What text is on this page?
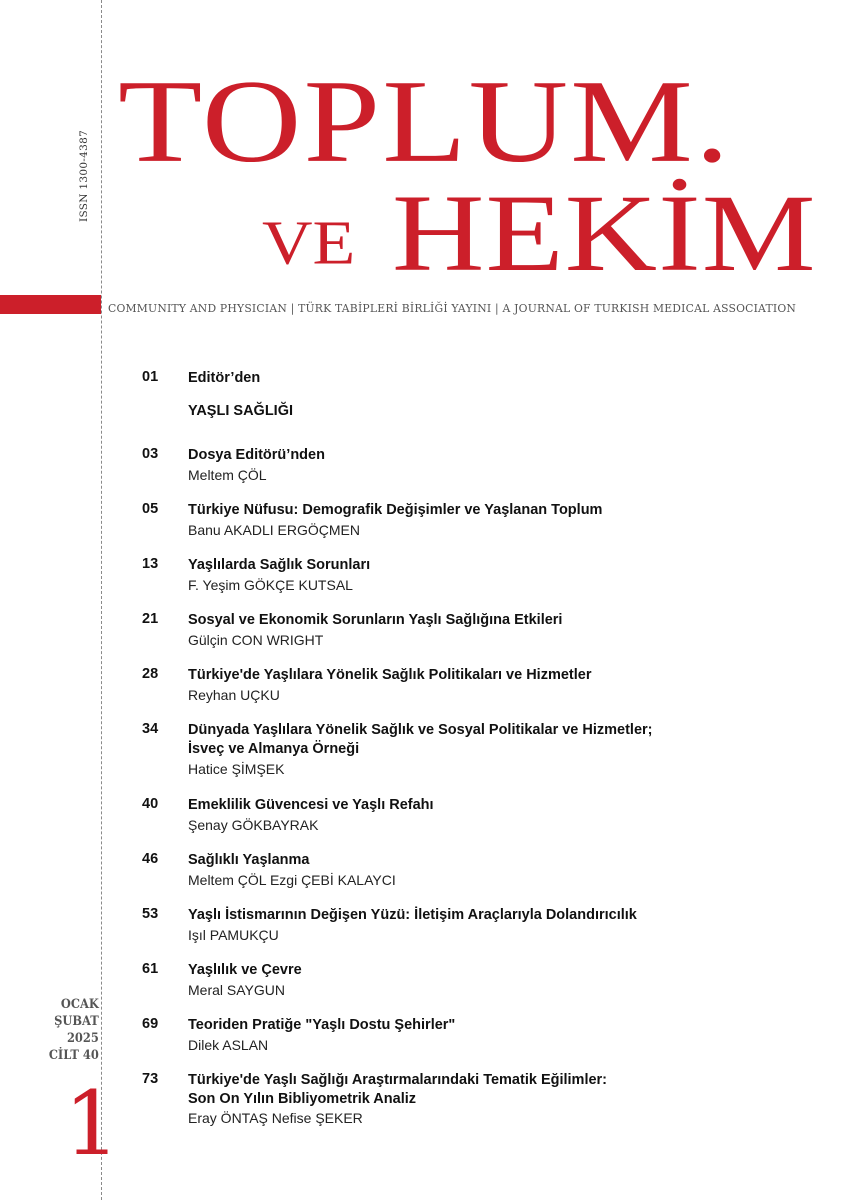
ISSN 1300-4387 TOPLUM.
VE HEKİM
COMMUNITY AND PHYSICIAN | TÜRK TABİPLERİ BİRLİĞİ YAYINI | A JOURNAL OF TURKISH MEDICAL ASSOCIATION
YAŞLI SAĞLIĞI
01	Editör’den
03	Dosya Editörü’nden
Meltem ÇÖL
05	Türkiye Nüfusu: Demografik Değişimler ve Yaşlanan Toplum
Banu AKADLI ERGÖÇMEN
13	Yaşlılarda Sağlık Sorunları
F. Yeşim GÖKÇE KUTSAL
21	Sosyal ve Ekonomik Sorunların Yaşlı Sağlığına Etkileri
Gülçin CON WRIGHT
28	Türkiye'de Yaşlılara Yönelik Sağlık Politikaları ve Hizmetler
Reyhan UÇKU
34	Dünyada Yaşlılara Yönelik Sağlık ve Sosyal Politikalar ve Hizmetler;
İsveç ve Almanya Örneği
Hatice ŞİMŞEK
40	Emeklilik Güvencesi ve Yaşlı Refahı
Şenay GÖKBAYRAK
46	Sağlıklı Yaşlanma
Meltem ÇÖL Ezgi ÇEBİ KALAYCI
53	Yaşlı İstismarının Değişen Yüzü: İletişim Araçlarıyla Dolandırıcılık
Işıl PAMUKÇU
61	Yaşlılık ve Çevre
Meral SAYGUN
69	Teoriden Pratiğe "Yaşlı Dostu Şehirler"
Dilek ASLAN
73	Türkiye'de Yaşlı Sağlığı Araştırmalarındaki Tematik Eğilimler:
Son On Yılın Bibliyometrik Analiz
Eray ÖNTAŞ Nefise ŞEKER
OCAK
ŞUBAT
2025
CİLT 40
1
